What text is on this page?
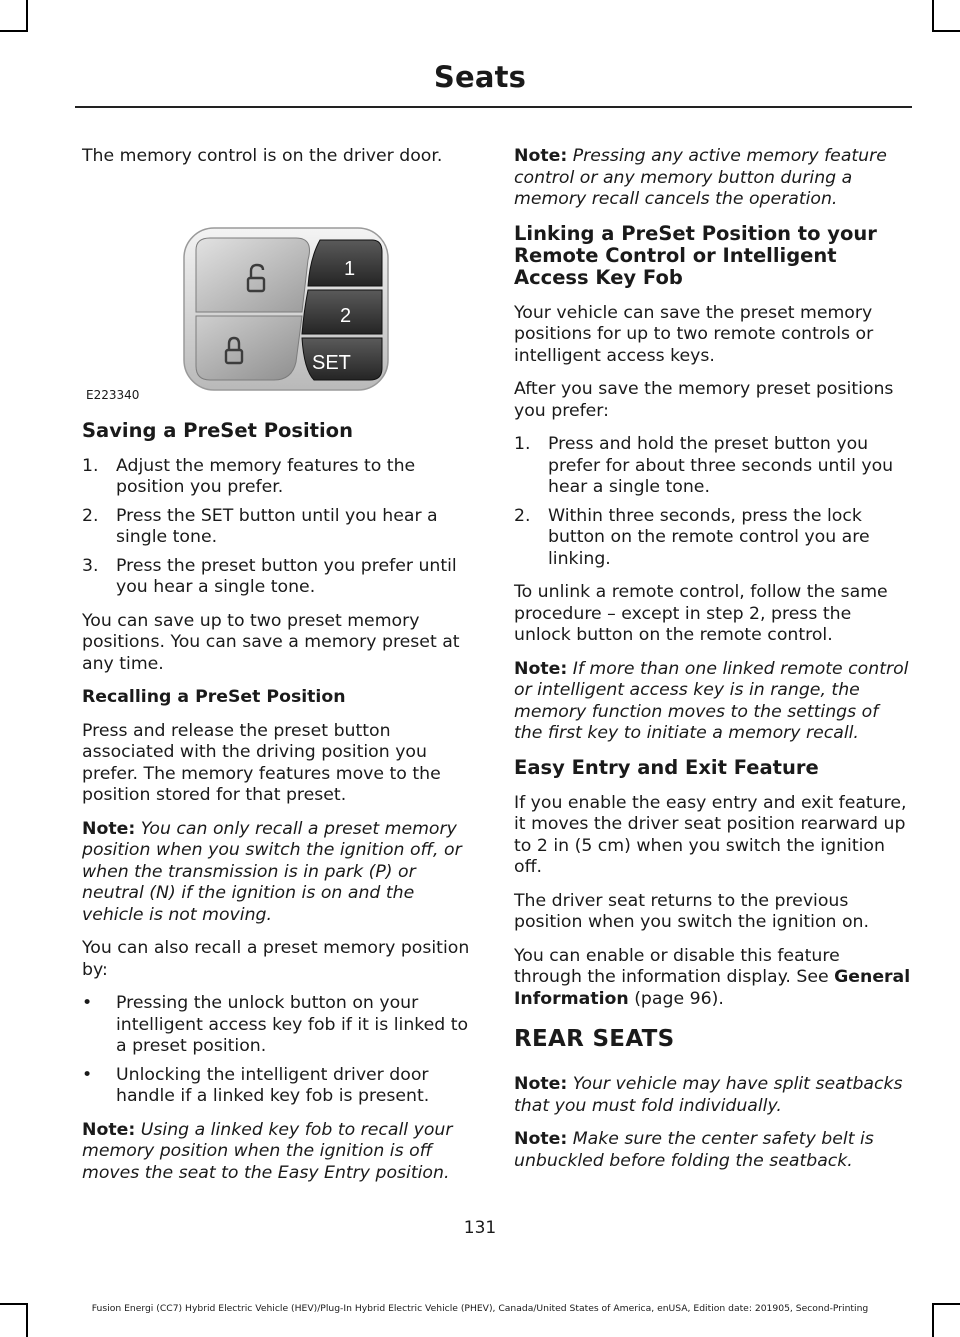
Seats

The memory control is on the driver door.

1
2
SET
E223340
Saving a PreSet Position
1. Adjust the memory features to the position you prefer.
2. Press the SET button until you hear a single tone.
3. Press the preset button you prefer until you hear a single tone.

You can save up to two preset memory positions. You can save a memory preset at any time.

Recalling a PreSet Position

Press and release the preset button associated with the driving position you prefer. The memory features move to the position stored for that preset.

Note: You can only recall a preset memory position when you switch the ignition off, or when the transmission is in park (P) or neutral (N) if the ignition is on and the vehicle is not moving.

You can also recall a preset memory position by:

• Pressing the unlock button on your intelligent access key fob if it is linked to a preset position.
• Unlocking the intelligent driver door handle if a linked key fob is present.

Note: Using a linked key fob to recall your memory position when the ignition is off moves the seat to the Easy Entry position.

Note: Pressing any active memory feature control or any memory button during a memory recall cancels the operation.

Linking a PreSet Position to your Remote Control or Intelligent Access Key Fob

Your vehicle can save the preset memory positions for up to two remote controls or intelligent access keys.

After you save the memory preset positions you prefer:

1. Press and hold the preset button you prefer for about three seconds until you hear a single tone.
2. Within three seconds, press the lock button on the remote control you are linking.

To unlink a remote control, follow the same procedure – except in step 2, press the unlock button on the remote control.

Note: If more than one linked remote control or intelligent access key is in range, the memory function moves to the settings of the first key to initiate a memory recall.

Easy Entry and Exit Feature

If you enable the easy entry and exit feature, it moves the driver seat position rearward up to 2 in (5 cm) when you switch the ignition off.

The driver seat returns to the previous position when you switch the ignition on.

You can enable or disable this feature through the information display. See General Information (page 96).

REAR SEATS

Note: Your vehicle may have split seatbacks that you must fold individually.

Note: Make sure the center safety belt is unbuckled before folding the seatback.

131
Fusion Energi (CC7) Hybrid Electric Vehicle (HEV)/Plug-In Hybrid Electric Vehicle (PHEV), Canada/United States of America, enUSA, Edition date: 201905, Second-Printing
